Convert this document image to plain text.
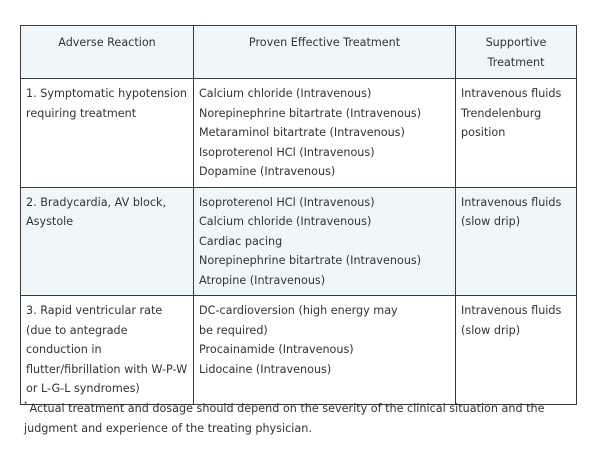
Adverse Reaction	Proven Effective Treatment	Supportive Treatment
1. Symptomatic hypotension requiring treatment	Calcium chloride (Intravenous)
Norepinephrine bitartrate (Intravenous)
Metaraminol bitartrate (Intravenous)
Isoproterenol HCl (Intravenous)
Dopamine (Intravenous)	Intravenous fluids Trendelenburg position
2. Bradycardia, AV block, Asystole	Isoproterenol HCl (Intravenous)
Calcium chloride (Intravenous)
Cardiac pacing
Norepinephrine bitartrate (Intravenous)
Atropine (Intravenous)	Intravenous fluids (slow drip)
3. Rapid ventricular rate (due to antegrade conduction in flutter/fibrillation with W-P-W or L-G-L syndromes)	DC-cardioversion (high energy may be required)
Procainamide (Intravenous)
Lidocaine (Intravenous)	Intravenous fluids (slow drip)
* Actual treatment and dosage should depend on the severity of the clinical situation and the judgment and experience of the treating physician.
